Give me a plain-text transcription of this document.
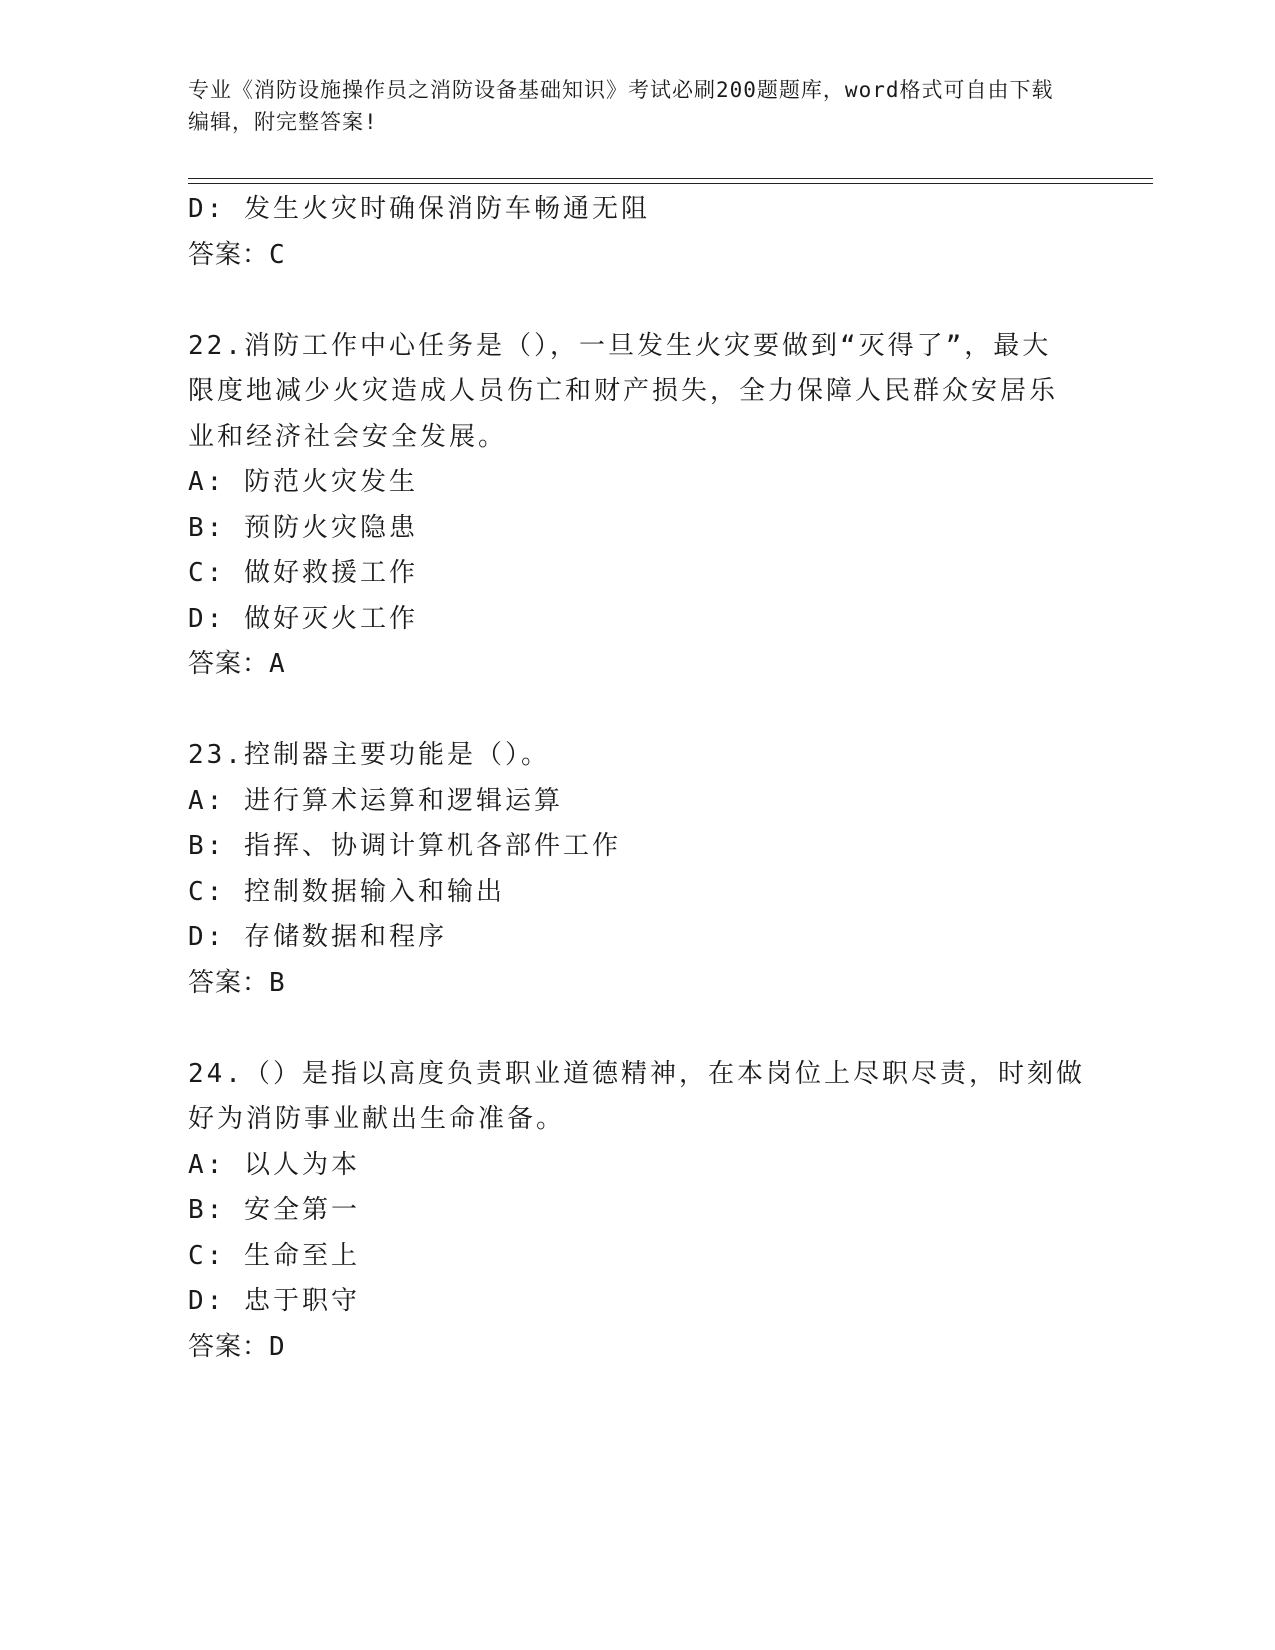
专业《消防设施操作员之消防设备基础知识》考试必刷200题题库，word格式可自由下载编辑，附完整答案!
D: 发生火灾时确保消防车畅通无阻
答案：C
22.消防工作中心任务是（），一旦发生火灾要做到“灭得了”，最大
限度地减少火灾造成人员伤亡和财产损失，全力保障人民群众安居乐
业和经济社会安全发展。
A: 防范火灾发生
B: 预防火灾隐患
C: 做好救援工作
D: 做好灭火工作
答案：A
23.控制器主要功能是（）。
A: 进行算术运算和逻辑运算
B: 指挥、协调计算机各部件工作
C: 控制数据输入和输出
D: 存储数据和程序
答案：B
24.（）是指以高度负责职业道德精神，在本岗位上尽职尽责，时刻做
好为消防事业献出生命准备。
A: 以人为本
B: 安全第一
C: 生命至上
D: 忠于职守
答案：D
